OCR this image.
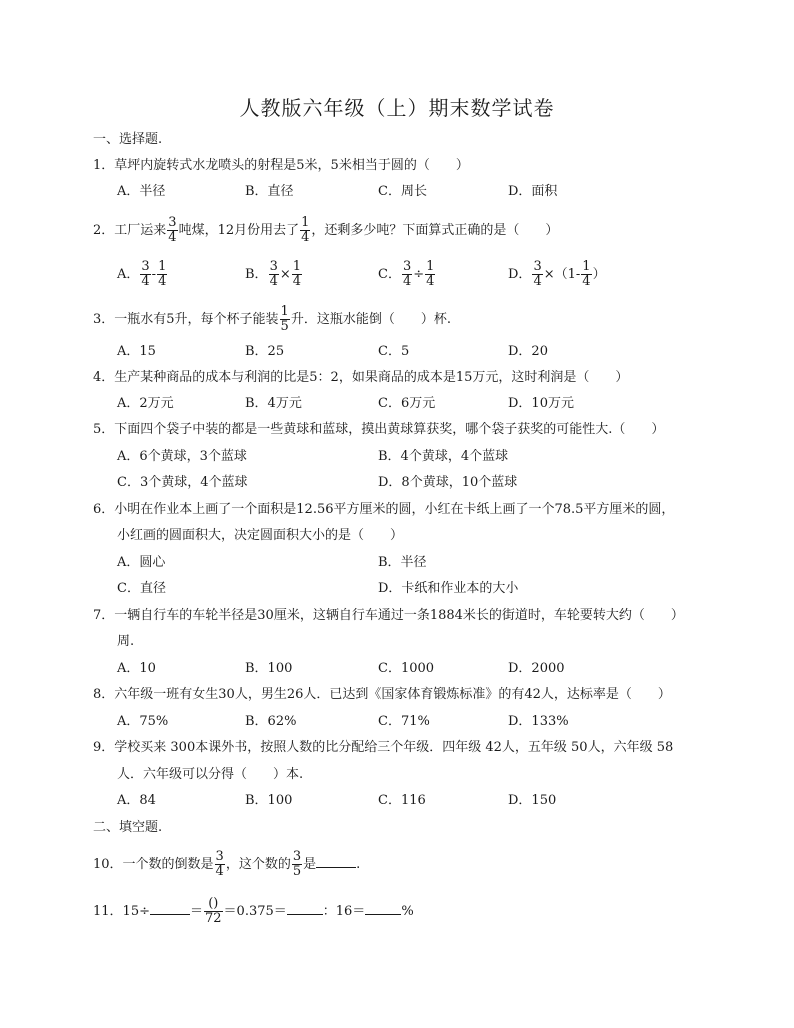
人教版六年级（上）期末数学试卷
一、选择题.
1．草坪内旋转式水龙喷头的射程是5米，5米相当于圆的（　　）
A．半径	B．直径	C．周长	D．面积
2．工厂运来 $\frac{3}{4}$ 吨煤，12月份用去了 $\frac{1}{4}$ ，还剩多少吨？下面算式正确的是（　　）
A． $\frac{3}{4} - \frac{1}{4}$	B． $\frac{3}{4} \times \frac{1}{4}$	C． $\frac{3}{4} \div \frac{1}{4}$	D． $\frac{3}{4} \times(1- \frac{1}{4}$ ）
3．一瓶水有5升，每个杯子能装 $\frac{1}{5}$ 升．这瓶水能倒（　　）杯.
A．15	B．25	C．5	D．20
4．生产某种商品的成本与利润的比是5：2，如果商品的成本是15万元，这时利润是（　　）
A．2万元	B．4万元	C．6万元	D．10万元
5．下面四个袋子中装的都是一些黄球和蓝球，摸出黄球算获奖，哪个袋子获奖的可能性大.（　　）
A．6个黄球，3个蓝球	B．4个黄球，4个蓝球
C．3个黄球，4个蓝球	D．8个黄球，10个蓝球
6．小明在作业本上画了一个面积是12.56平方厘米的圆，小红在卡纸上画了一个78.5平方厘米的圆，
小红画的圆面积大，决定圆面积大小的是（　　）
A．圆心	B．半径
C．直径	D．卡纸和作业本的大小
7．一辆自行车的车轮半径是30厘米，这辆自行车通过一条1884米长的街道时，车轮要转大约（　　）
周.
A．10	B．100	C．1000	D．2000
8．六年级一班有女生30人，男生26人．已达到《国家体育锻炼标准》的有42人，达标率是（　　）
A．75%	B．62%	C．71%	D．133%
9．学校买来 300本课外书，按照人数的比分配给三个年级．四年级 42人，五年级 50人，六年级 58
人．六年级可以分得（　　）本.
A．84	B．100	C．116	D．150
二、填空题.
10．一个数的倒数是 $\frac{3}{4}$ ，这个数的 $\frac{3}{5}$ 是	.
11．15÷	＝ $\frac{()}{72} =0.375=$	：16＝	%
